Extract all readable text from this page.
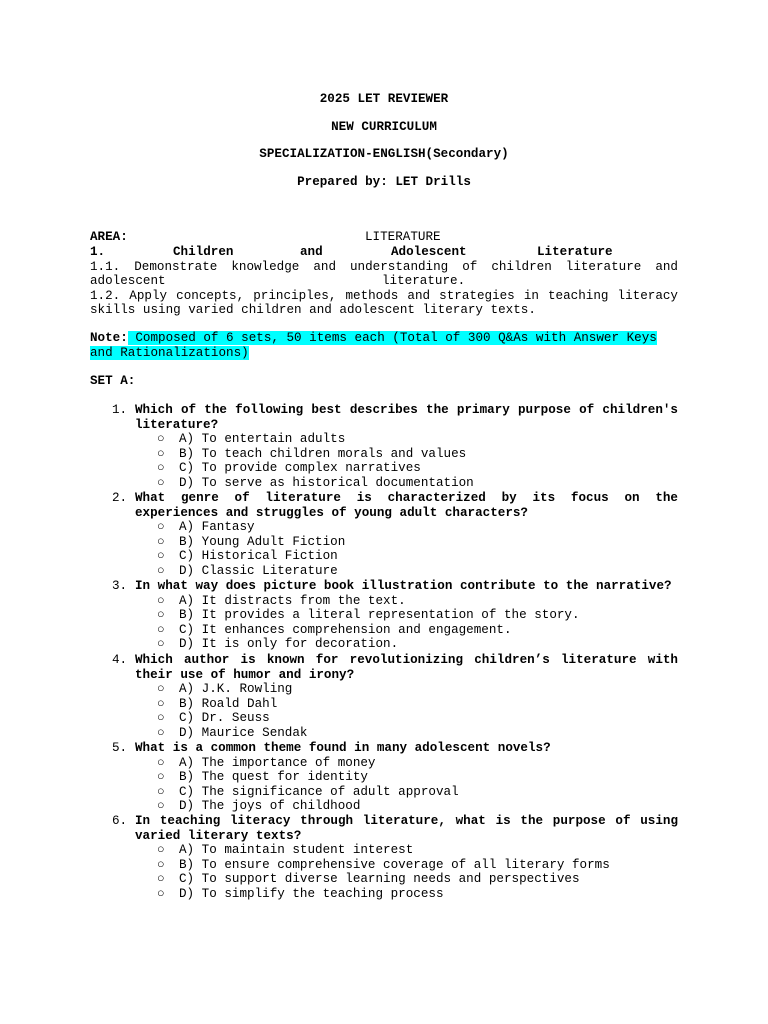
2025 LET REVIEWER
NEW CURRICULUM
SPECIALIZATION-ENGLISH(Secondary)
Prepared by: LET Drills
AREA:	LITERATURE
1.	Children	and	Adolescent	Literature
1.1. Demonstrate knowledge and understanding of children literature and
adolescent	literature.
1.2. Apply concepts, principles, methods and strategies in teaching literacy
skills using varied children and adolescent literary texts.
Note: Composed of 6 sets, 50 items each (Total of 300 Q&As with Answer Keys
and Rationalizations)
SET A:
1. Which of the following best describes the primary purpose of children's
literature?
○ A) To entertain adults
○ B) To teach children morals and values
○ C) To provide complex narratives
○ D) To serve as historical documentation
2. What genre of literature is characterized by its focus on the
experiences and struggles of young adult characters?
○ A) Fantasy
○ B) Young Adult Fiction
○ C) Historical Fiction
○ D) Classic Literature
3. In what way does picture book illustration contribute to the narrative?
○ A) It distracts from the text.
○ B) It provides a literal representation of the story.
○ C) It enhances comprehension and engagement.
○ D) It is only for decoration.
4. Which author is known for revolutionizing children’s literature with
their use of humor and irony?
○ A) J.K. Rowling
○ B) Roald Dahl
○ C) Dr. Seuss
○ D) Maurice Sendak
5. What is a common theme found in many adolescent novels?
○ A) The importance of money
○ B) The quest for identity
○ C) The significance of adult approval
○ D) The joys of childhood
6. In teaching literacy through literature, what is the purpose of using
varied literary texts?
○ A) To maintain student interest
○ B) To ensure comprehensive coverage of all literary forms
○ C) To support diverse learning needs and perspectives
○ D) To simplify the teaching process
